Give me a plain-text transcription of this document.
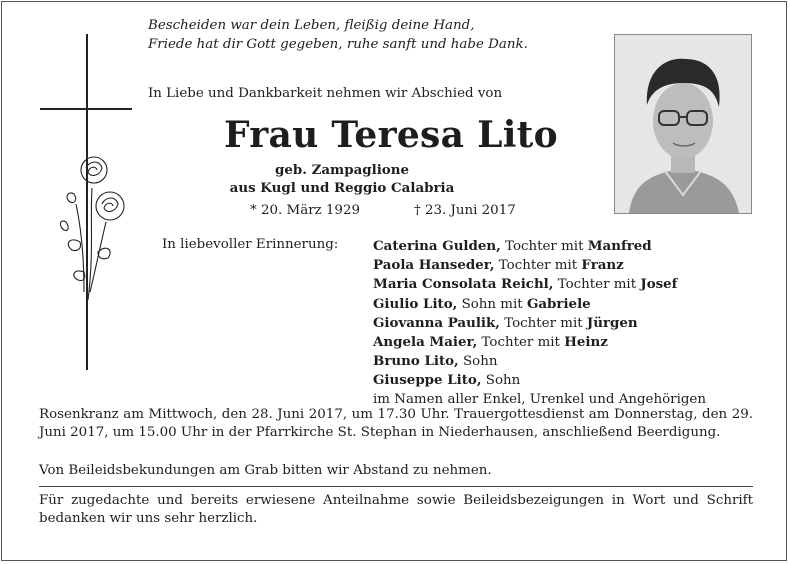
Bescheiden war dein Leben, fleißig deine Hand,
Friede hat dir Gott gegeben, ruhe sanft und habe Dank.
In Liebe und Dankbarkeit nehmen wir Abschied von
Frau Teresa Lito
geb. Zampaglione
aus Kugl und Reggio Calabria
* 20. März 1929	† 23. Juni 2017
In liebevoller Erinnerung:	Caterina Gulden, Tochter mit Manfred
Paola Hanseder, Tochter mit Franz
Maria Consolata Reichl, Tochter mit Josef
Giulio Lito, Sohn mit Gabriele
Giovanna Paulik, Tochter mit Jürgen
Angela Maier, Tochter mit Heinz
Bruno Lito, Sohn
Giuseppe Lito, Sohn
im Namen aller Enkel, Urenkel und Angehörigen
Rosenkranz am Mittwoch, den 28. Juni 2017, um 17.30 Uhr. Trauergottesdienst am Donnerstag, den 29. Juni 2017, um 15.00 Uhr in der Pfarrkirche St. Stephan in Niederhausen, anschließend Beerdigung.
Von Beileidsbekundungen am Grab bitten wir Abstand zu nehmen.
Für zugedachte und bereits erwiesene Anteilnahme sowie Beileidsbezeigungen in Wort und Schrift bedanken wir uns sehr herzlich.
